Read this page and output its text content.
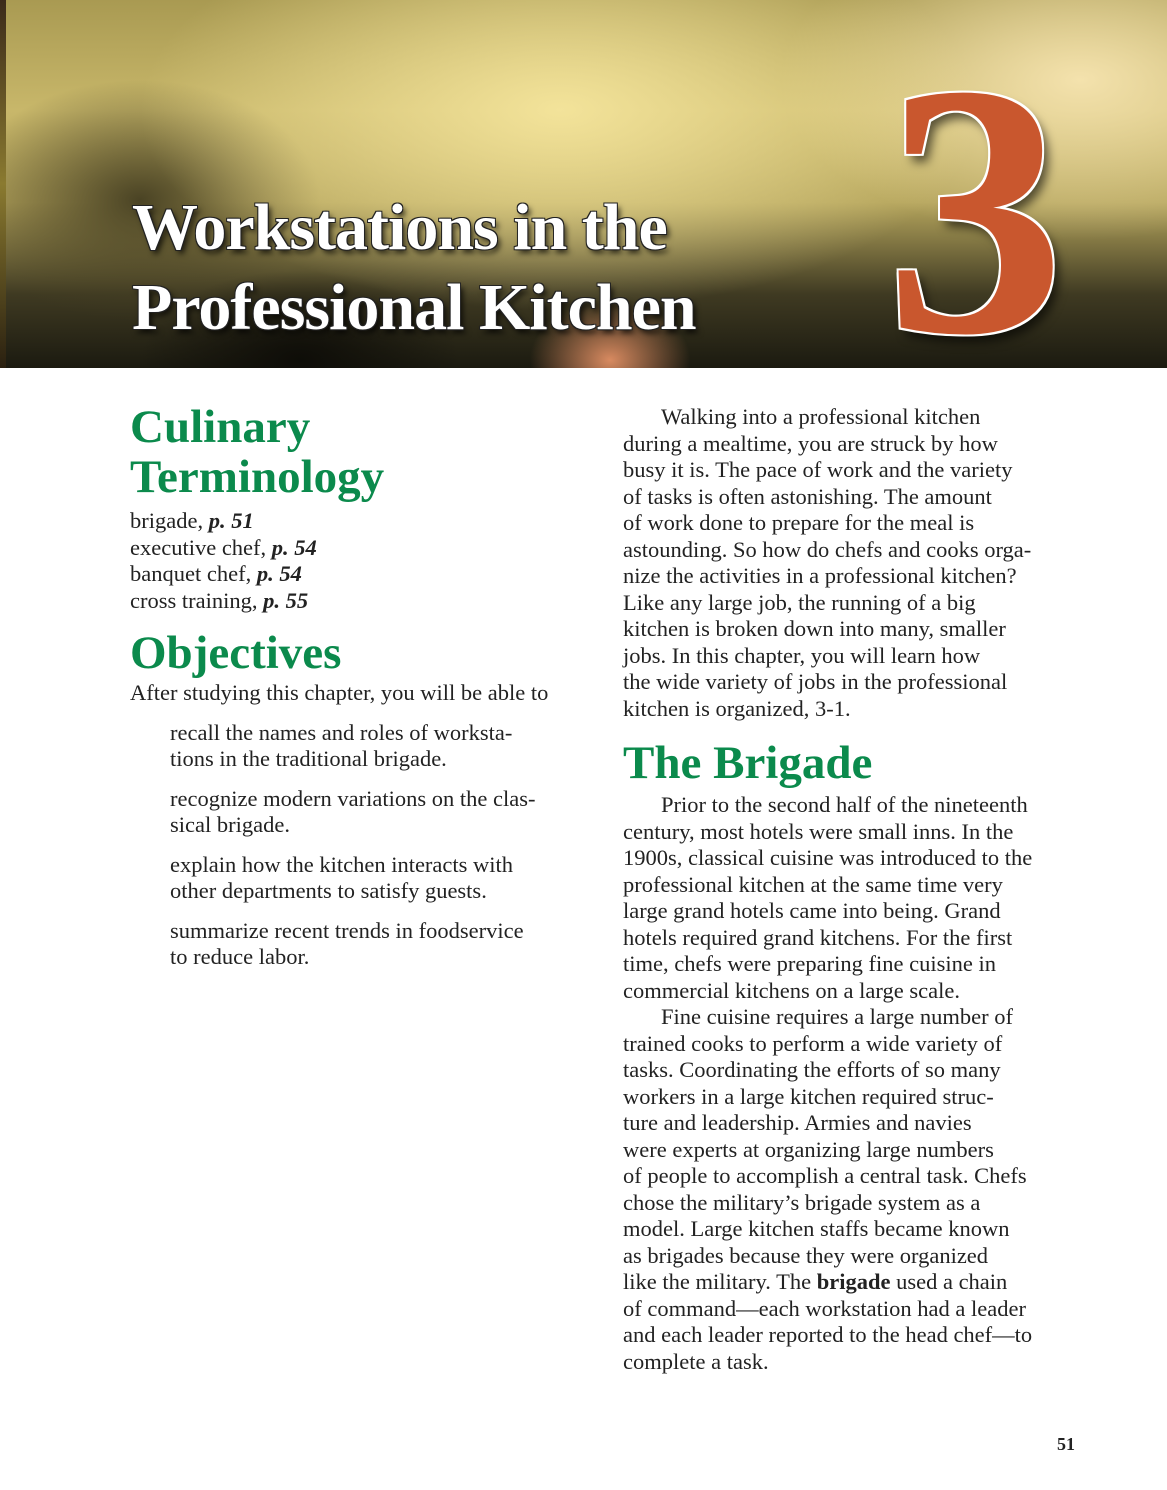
Workstations in the
Professional Kitchen 3
Culinary
Terminology
brigade, p. 51
executive chef, p. 54
banquet chef, p. 54
cross training, p. 55
Objectives
After studying this chapter, you will be able to
recall the names and roles of worksta-
tions in the traditional brigade.
recognize modern variations on the clas-
sical brigade.
explain how the kitchen interacts with
other departments to satisfy guests.
summarize recent trends in foodservice
to reduce labor.
Walking into a professional kitchen
during a mealtime, you are struck by how
busy it is. The pace of work and the variety
of tasks is often astonishing. The amount
of work done to prepare for the meal is
astounding. So how do chefs and cooks orga-
nize the activities in a professional kitchen?
Like any large job, the running of a big
kitchen is broken down into many, smaller
jobs. In this chapter, you will learn how
the wide variety of jobs in the professional
kitchen is organized, 3-1.
The Brigade
Prior to the second half of the nineteenth
century, most hotels were small inns. In the
1900s, classical cuisine was introduced to the
professional kitchen at the same time very
large grand hotels came into being. Grand
hotels required grand kitchens. For the first
time, chefs were preparing fine cuisine in
commercial kitchens on a large scale.
Fine cuisine requires a large number of
trained cooks to perform a wide variety of
tasks. Coordinating the efforts of so many
workers in a large kitchen required struc-
ture and leadership. Armies and navies
were experts at organizing large numbers
of people to accomplish a central task. Chefs
chose the military’s brigade system as a
model. Large kitchen staffs became known
as brigades because they were organized
like the military. The brigade used a chain
of command—each workstation had a leader
and each leader reported to the head chef—to
complete a task.
51
